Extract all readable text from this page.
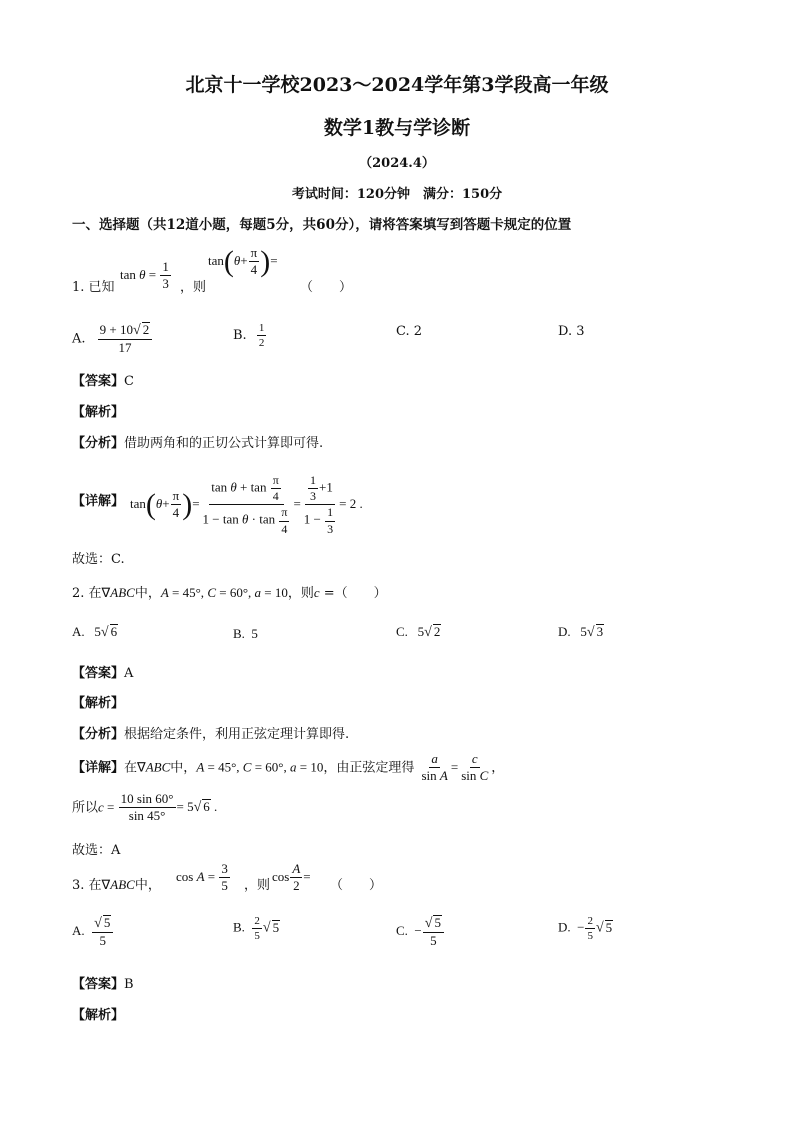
北京十一学校2023～2024学年第3学段高一年级
数学1教与学诊断
（2024.4）
考试时间：120分钟　满分：150分
一、选择题（共12道小题，每题5分，共60分），请将答案填写到答题卡规定的位置
1. 已知
$\tan \theta = \frac{1}{3}$ ，则
$\tan(\theta+ \frac{\pi}{4}$ )=
（　　）
A. $\frac{9 + 10√ 2}{17}$	B. $\frac{1}{2}$	C. 2	D. 3
【答案】C
【解析】
【分析】借助两角和的正切公式计算即可得.
【详解】 $\tan(\theta+ \frac{\pi}{4}$ )= $\frac{\tan \theta + \tan \frac{\pi}{4}}{1 - \tan \theta \cdot \tan \frac{\pi}{4}} = \frac{\frac{1}{3} +1}{1 - \frac{1}{3}} = 2$ .
故选：C.
2. 在∇ABC中，A = 45°, C = 60°, a = 10，则c =（　　）
A.   5√ 6	B.  5	C.   5√ 2	D.   5√ 3
【答案】A
【解析】
【分析】根据给定条件，利用正弦定理计算即得.
【详解】在∇ABC中，A = 45°, C = 60°, a = 10，由正弦定理得 $\frac{a}{\text{sin A}} = \frac{c}{\text{sin C}}$ ，
所以$c = \frac{10 \sin 60^\circ}{\sin 45^\circ} = 5√$ 6 .
故选：A
3. 在∇ABC中，
$\cos A = \frac{3}{5}$ ，则
$\cos \frac{A}{2}$ =
（　　）
A. $\frac{√ 5}{5}$	B. $\frac{2}{5}$ √ 5	C.  − $\frac{√ 5}{5}$	D.  − $\frac{2}{5}$ √ 5
【答案】B
【解析】
